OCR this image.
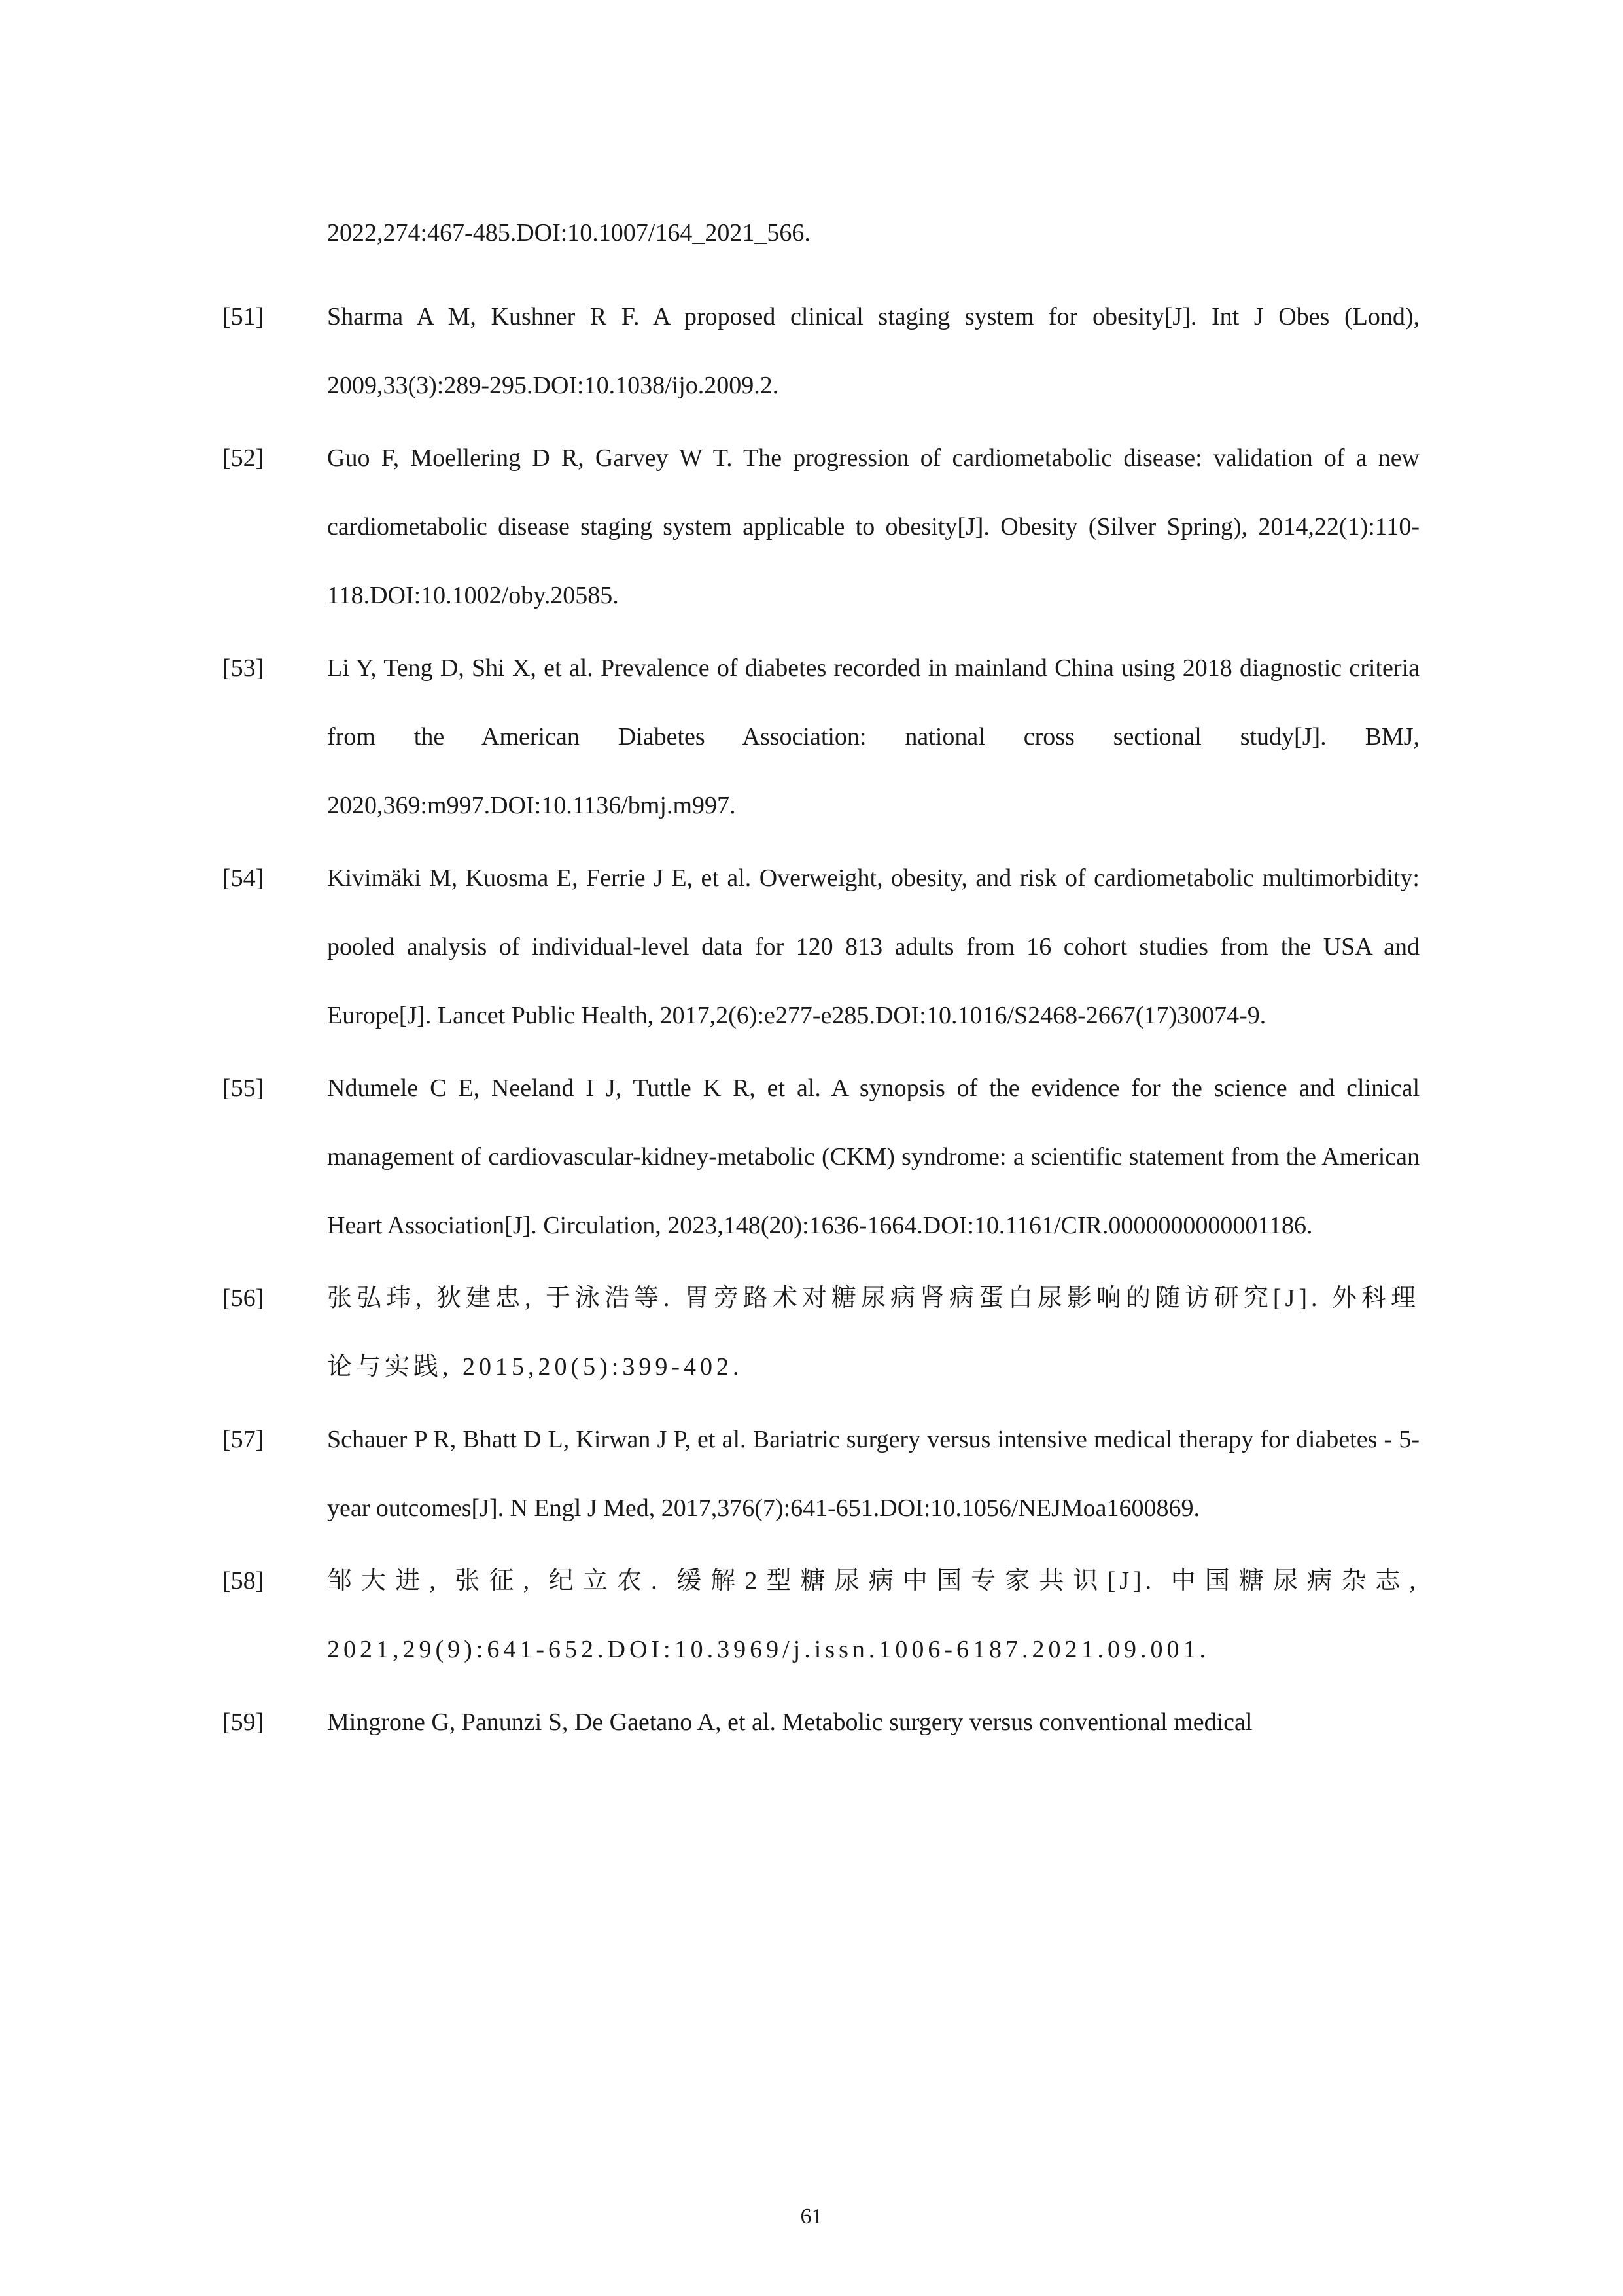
2022,274:467-485.DOI:10.1007/164_2021_566.
[51]	Sharma A M, Kushner R F. A proposed clinical staging system for obesity[J]. Int J Obes (Lond), 2009,33(3):289-295.DOI:10.1038/ijo.2009.2.
[52]	Guo F, Moellering D R, Garvey W T. The progression of cardiometabolic disease: validation of a new cardiometabolic disease staging system applicable to obesity[J]. Obesity (Silver Spring), 2014,22(1):110-118.DOI:10.1002/oby.20585.
[53]	Li Y, Teng D, Shi X, et al. Prevalence of diabetes recorded in mainland China using 2018 diagnostic criteria from the American Diabetes Association: national cross sectional study[J]. BMJ, 2020,369:m997.DOI:10.1136/bmj.m997.
[54]	Kivimäki M, Kuosma E, Ferrie J E, et al. Overweight, obesity, and risk of cardiometabolic multimorbidity: pooled analysis of individual-level data for 120 813 adults from 16 cohort studies from the USA and Europe[J]. Lancet Public Health, 2017,2(6):e277-e285.DOI:10.1016/S2468-2667(17)30074-9.
[55]	Ndumele C E, Neeland I J, Tuttle K R, et al. A synopsis of the evidence for the science and clinical management of cardiovascular-kidney-metabolic (CKM) syndrome: a scientific statement from the American Heart Association[J]. Circulation, 2023,148(20):1636-1664.DOI:10.1161/CIR.0000000000001186.
[56]	张弘玮, 狄建忠, 于泳浩等. 胃旁路术对糖尿病肾病蛋白尿影响的随访研究[J]. 外科理论与实践, 2015,20(5):399-402.
[57]	Schauer P R, Bhatt D L, Kirwan J P, et al. Bariatric surgery versus intensive medical therapy for diabetes - 5-year outcomes[J]. N Engl J Med, 2017,376(7):641-651.DOI:10.1056/NEJMoa1600869.
[58]	邹大进, 张征, 纪立农. 缓解2型糖尿病中国专家共识[J]. 中国糖尿病杂志, 2021,29(9):641-652.DOI:10.3969/j.issn.1006-6187.2021.09.001.
[59]	Mingrone G, Panunzi S, De Gaetano A, et al. Metabolic surgery versus conventional medical
61
